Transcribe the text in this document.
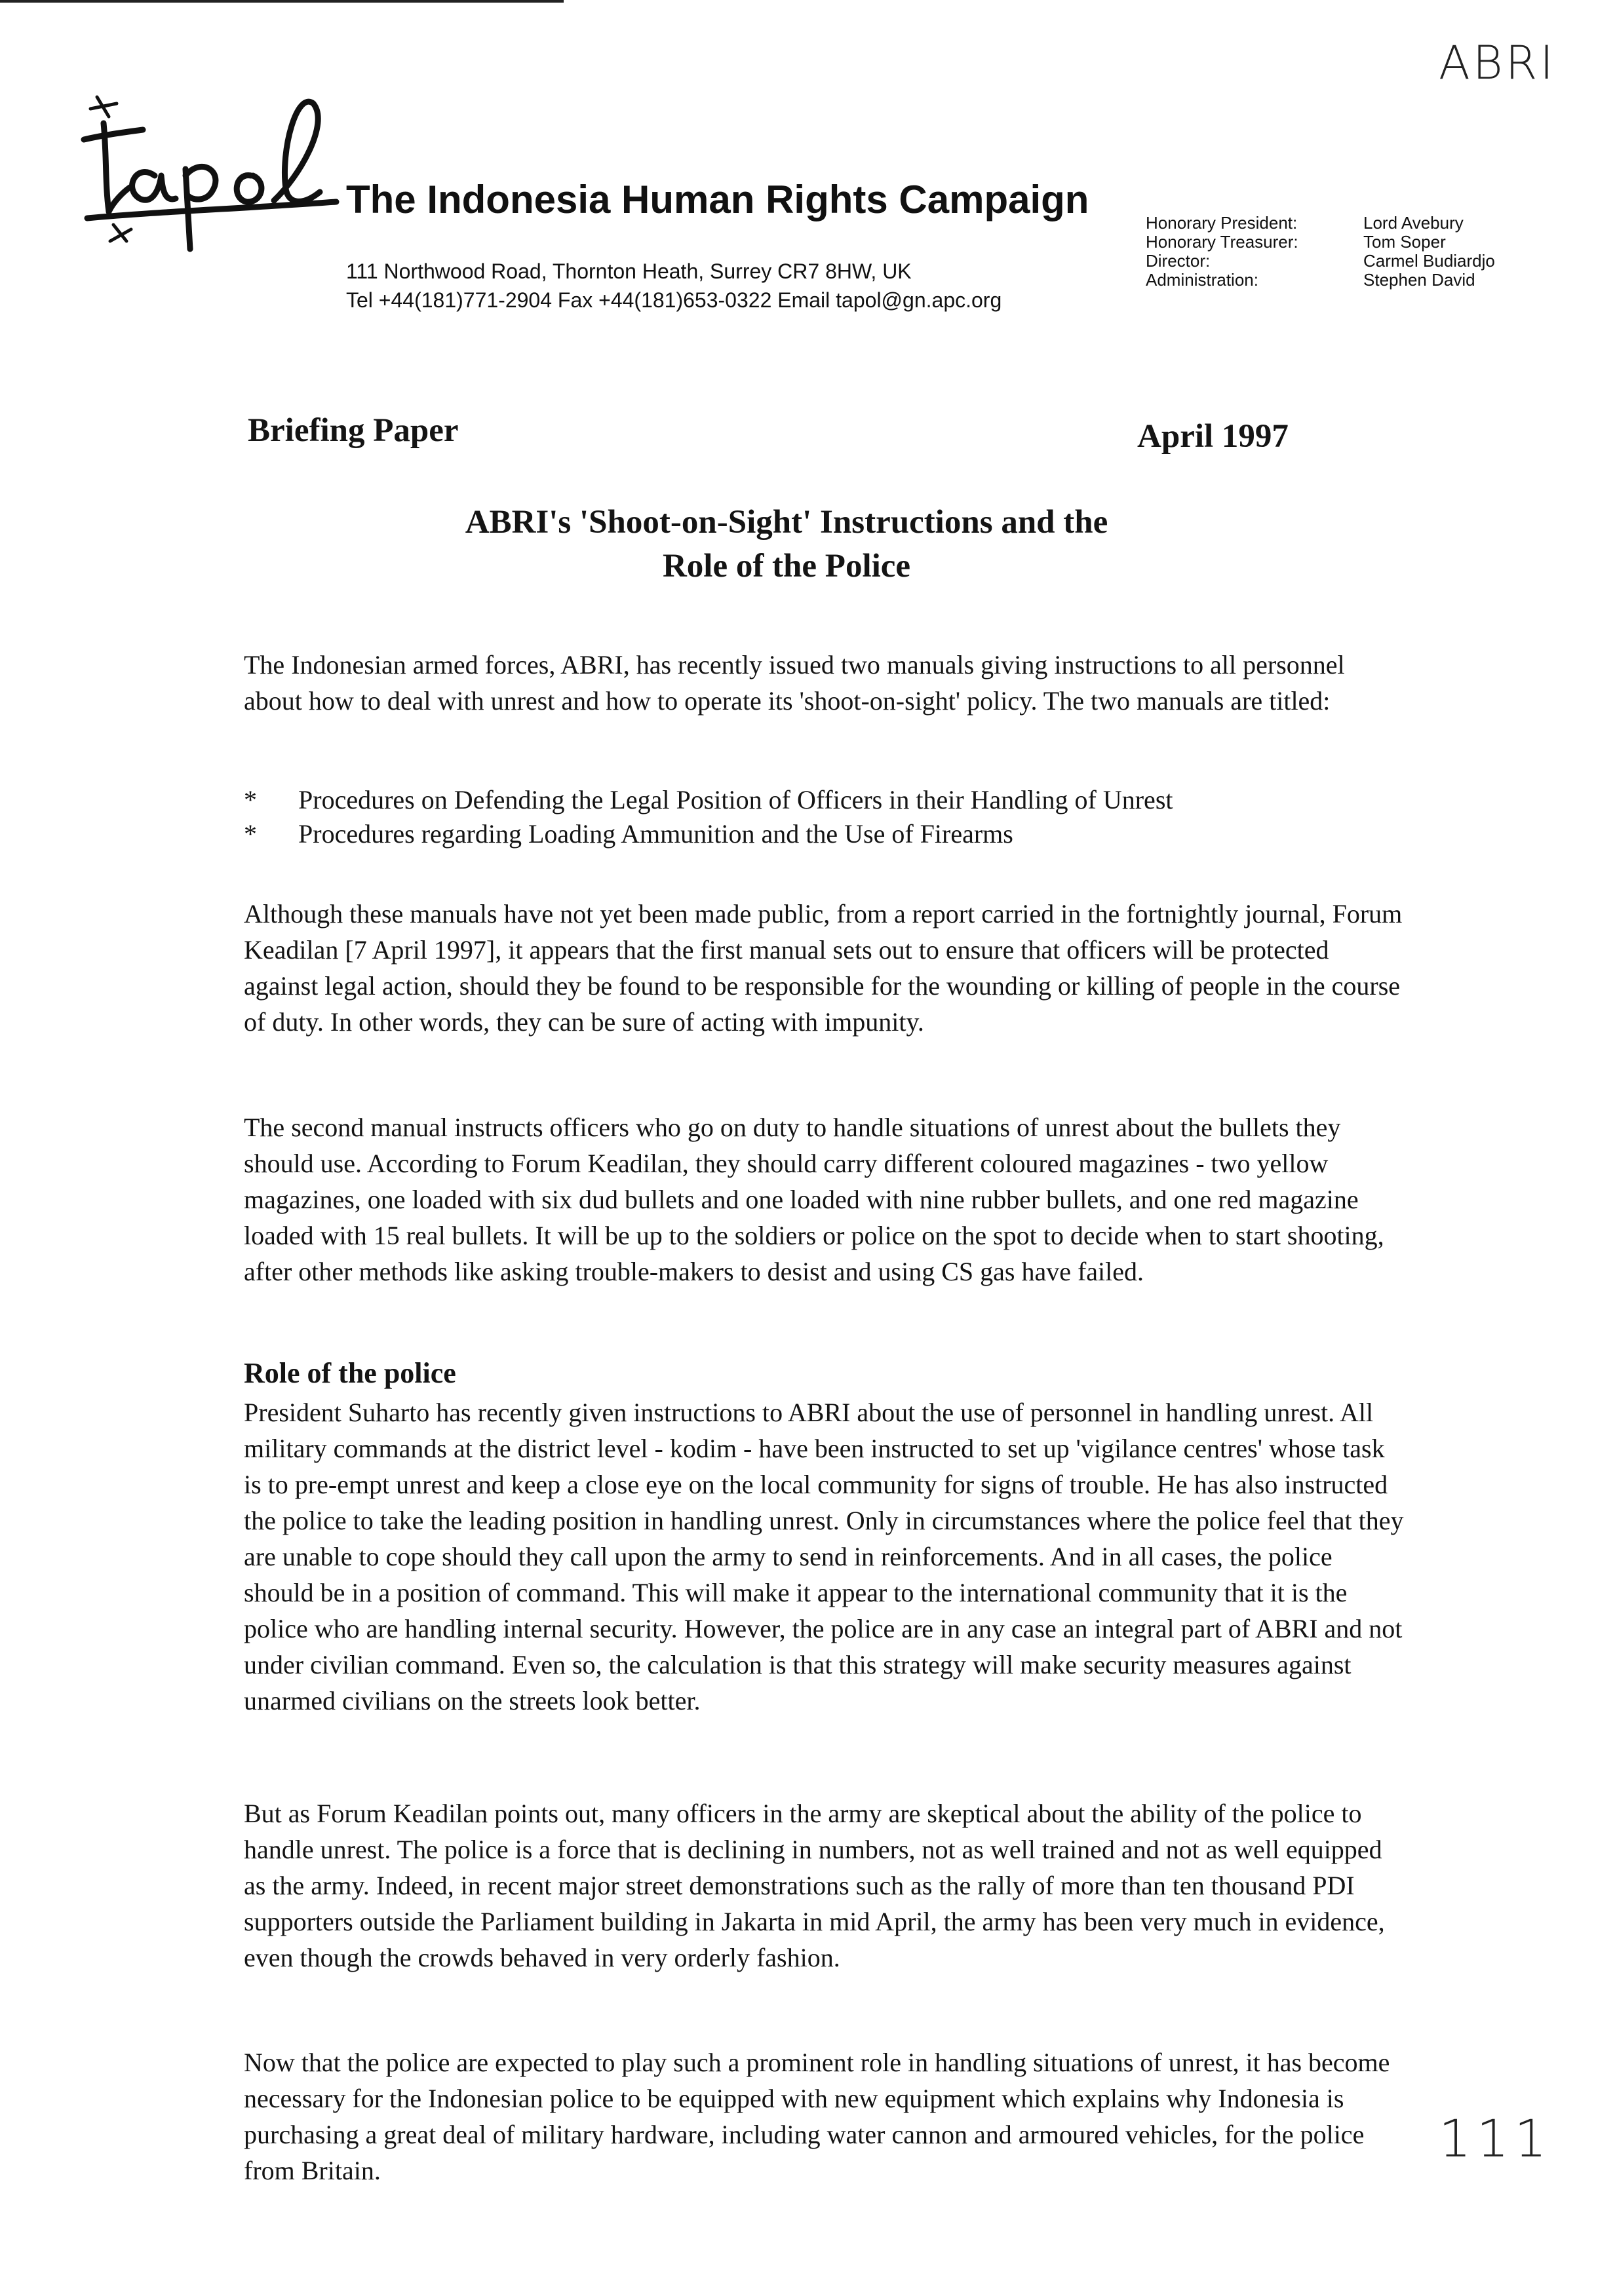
ABRI
111
The Indonesia Human Rights Campaign
111 Northwood Road, Thornton Heath, Surrey CR7 8HW, UK
Tel +44(181)771-2904 Fax +44(181)653-0322 Email tapol@gn.apc.org
Honorary President:	Lord Avebury
Honorary Treasurer:	Tom Soper
Director:	Carmel Budiardjo
Administration:	Stephen David
Briefing Paper	April 1997
ABRI's 'Shoot-on-Sight' Instructions and the
Role of the Police

The Indonesian armed forces, ABRI, has recently issued two manuals giving instructions to all personnel about how to deal with unrest and how to operate its 'shoot-on-sight' policy. The two manuals are titled:

*	Procedures on Defending the Legal Position of Officers in their Handling of Unrest
*	Procedures regarding Loading Ammunition and the Use of Firearms

Although these manuals have not yet been made public, from a report carried in the fortnightly journal, Forum Keadilan [7 April 1997], it appears that the first manual sets out to ensure that officers will be protected against legal action, should they be found to be responsible for the wounding or killing of people in the course of duty. In other words, they can be sure of acting with impunity.

The second manual instructs officers who go on duty to handle situations of unrest about the bullets they should use. According to Forum Keadilan, they should carry different coloured magazines - two yellow magazines, one loaded with six dud bullets and one loaded with nine rubber bullets, and one red magazine loaded with 15 real bullets. It will be up to the soldiers or police on the spot to decide when to start shooting, after other methods like asking trouble-makers to desist and using CS gas have failed.

Role of the police

President Suharto has recently given instructions to ABRI about the use of personnel in handling unrest. All military commands at the district level - kodim - have been instructed to set up 'vigilance centres' whose task is to pre-empt unrest and keep a close eye on the local community for signs of trouble. He has also instructed the police to take the leading position in handling unrest. Only in circumstances where the police feel that they are unable to cope should they call upon the army to send in reinforcements. And in all cases, the police should be in a position of command. This will make it appear to the international community that it is the police who are handling internal security. However, the police are in any case an integral part of ABRI and not under civilian command. Even so, the calculation is that this strategy will make security measures against unarmed civilians on the streets look better.

But as Forum Keadilan points out, many officers in the army are skeptical about the ability of the police to handle unrest. The police is a force that is declining in numbers, not as well trained and not as well equipped as the army. Indeed, in recent major street demonstrations such as the rally of more than ten thousand PDI supporters outside the Parliament building in Jakarta in mid April, the army has been very much in evidence, even though the crowds behaved in very orderly fashion.

Now that the police are expected to play such a prominent role in handling situations of unrest, it has become necessary for the Indonesian police to be equipped with new equipment which explains why Indonesia is purchasing a great deal of military hardware, including water cannon and armoured vehicles, for the police from Britain.
